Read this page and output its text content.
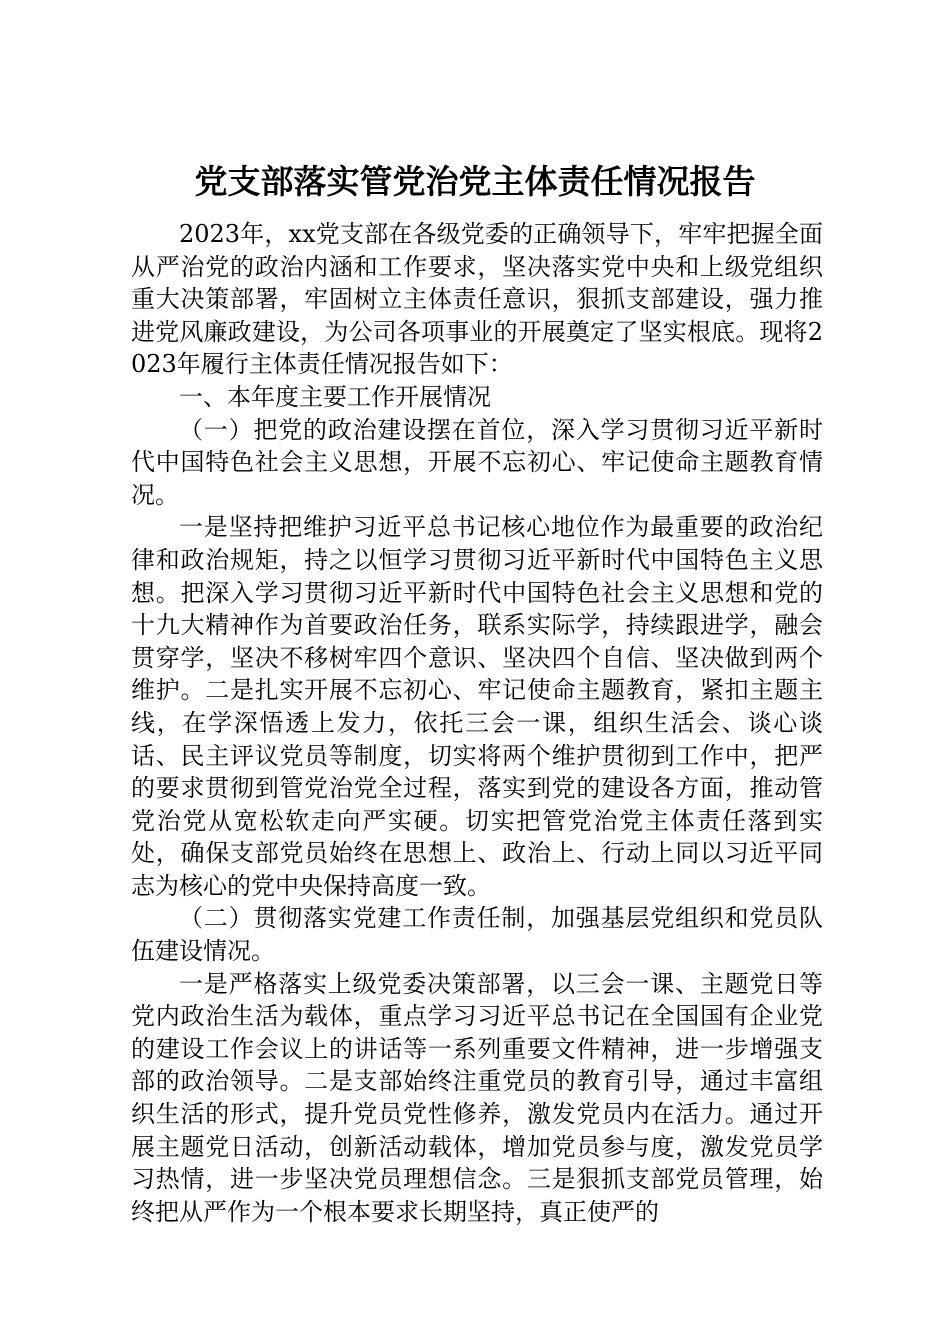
党支部落实管党治党主体责任情况报告

2023年，xx党支部在各级党委的正确领导下，牢牢把握全面从严治党的政治内涵和工作要求，坚决落实党中央和上级党组织重大决策部署，牢固树立主体责任意识，狠抓支部建设，强力推进党风廉政建设，为公司各项事业的开展奠定了坚实根底。现将2023年履行主体责任情况报告如下：

一、本年度主要工作开展情况

（一）把党的政治建设摆在首位，深入学习贯彻习近平新时代中国特色社会主义思想，开展不忘初心、牢记使命主题教育情况。

一是坚持把维护习近平总书记核心地位作为最重要的政治纪律和政治规矩，持之以恒学习贯彻习近平新时代中国特色主义思想。把深入学习贯彻习近平新时代中国特色社会主义思想和党的十九大精神作为首要政治任务，联系实际学，持续跟进学，融会贯穿学，坚决不移树牢四个意识、坚决四个自信、坚决做到两个维护。二是扎实开展不忘初心、牢记使命主题教育，紧扣主题主线，在学深悟透上发力，依托三会一课，组织生活会、谈心谈话、民主评议党员等制度，切实将两个维护贯彻到工作中，把严的要求贯彻到管党治党全过程，落实到党的建设各方面，推动管党治党从宽松软走向严实硬。切实把管党治党主体责任落到实处，确保支部党员始终在思想上、政治上、行动上同以习近平同志为核心的党中央保持高度一致。

（二）贯彻落实党建工作责任制，加强基层党组织和党员队伍建设情况。

一是严格落实上级党委决策部署，以三会一课、主题党日等党内政治生活为载体，重点学习习近平总书记在全国国有企业党的建设工作会议上的讲话等一系列重要文件精神，进一步增强支部的政治领导。二是支部始终注重党员的教育引导，通过丰富组织生活的形式，提升党员党性修养，激发党员内在活力。通过开展主题党日活动，创新活动载体，增加党员参与度，激发党员学习热情，进一步坚决党员理想信念。三是狠抓支部党员管理，始终把从严作为一个根本要求长期坚持，真正使严的
